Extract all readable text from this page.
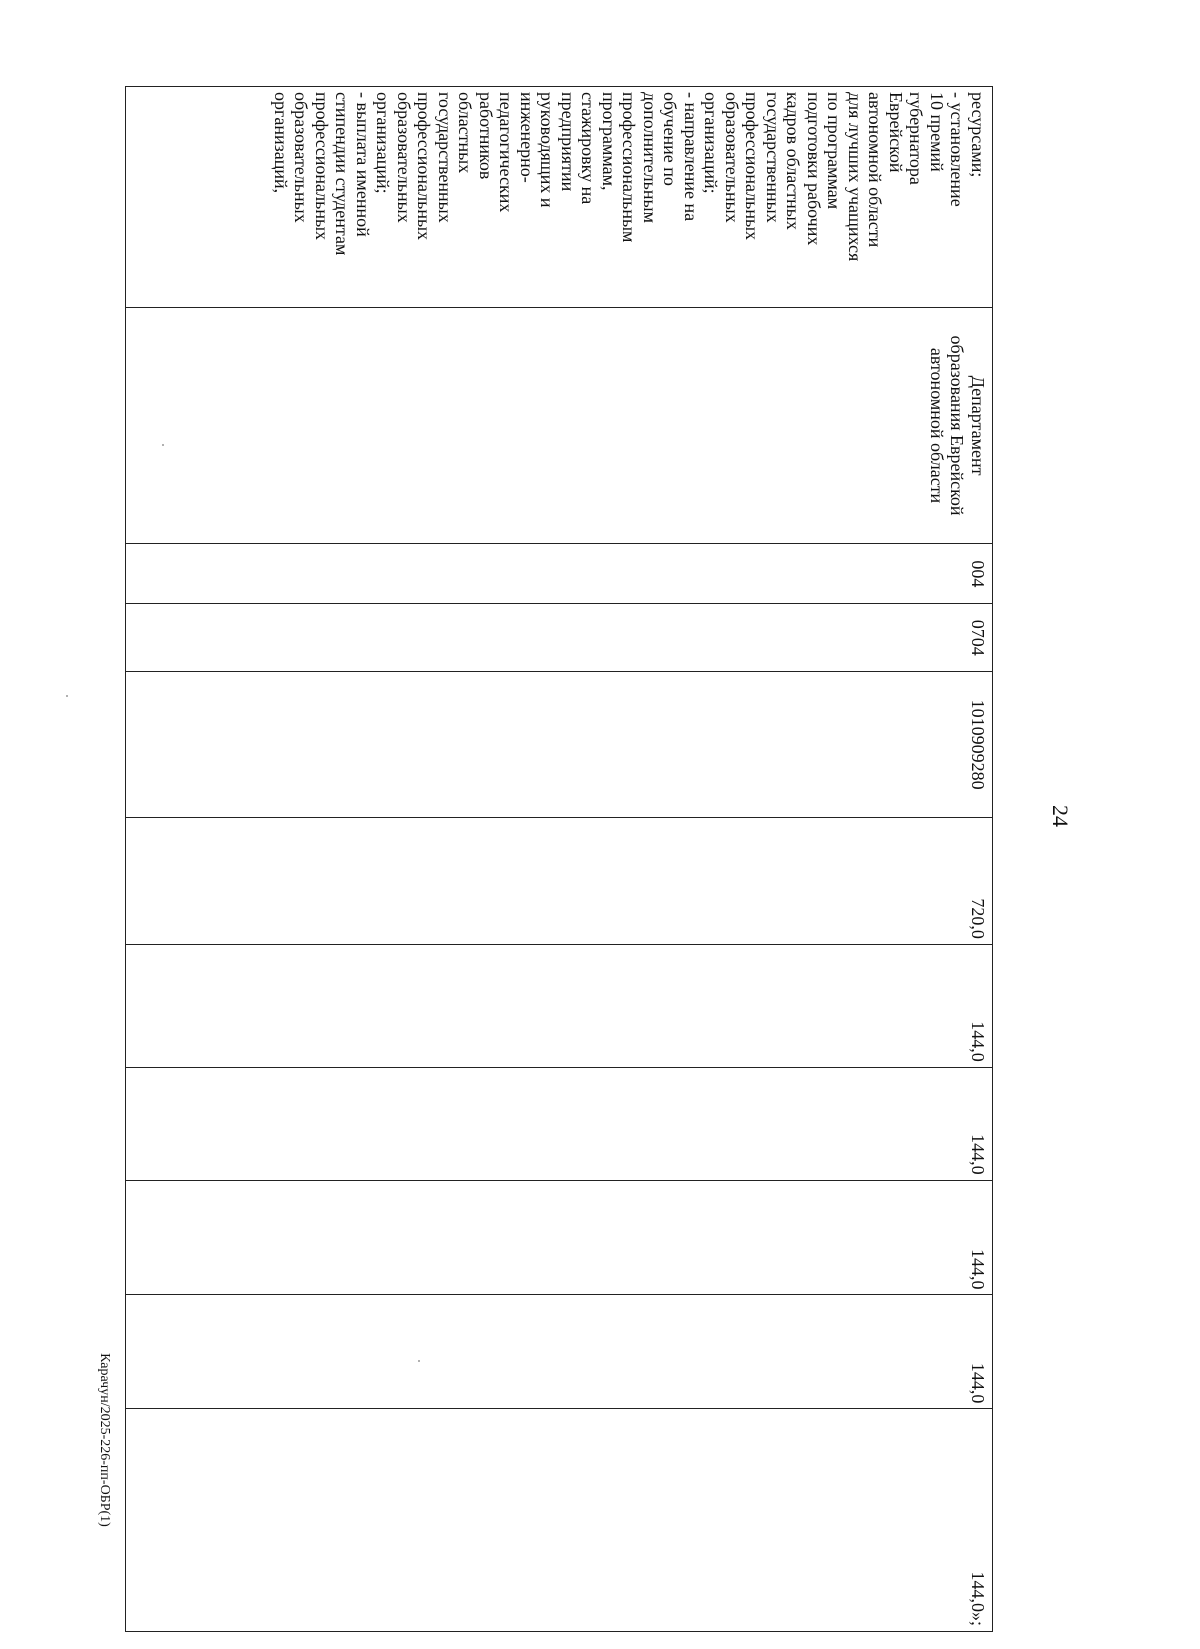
24
Карачун/2025-226-пп-ОБР(1)
ресурсами;
- установление
10 премий
губернатора
Еврейской
автономной области
для лучших учащихся
по программам
подготовки рабочих
кадров областных
государственных
профессиональных
образовательных
организаций;
- направление на
обучение по
дополнительным
профессиональным
программам,
стажировку на
предприятии
руководящих и
инженерно-
педагогических
работников
областных
государственных
профессиональных
образовательных
организаций;
- выплата именной
стипендии студентам
профессиональных
образовательных
организаций,
Департамент
образования Еврейской
автономной области
004
0704
1010909280
720,0
144,0
144,0
144,0
144,0
144,0»;
